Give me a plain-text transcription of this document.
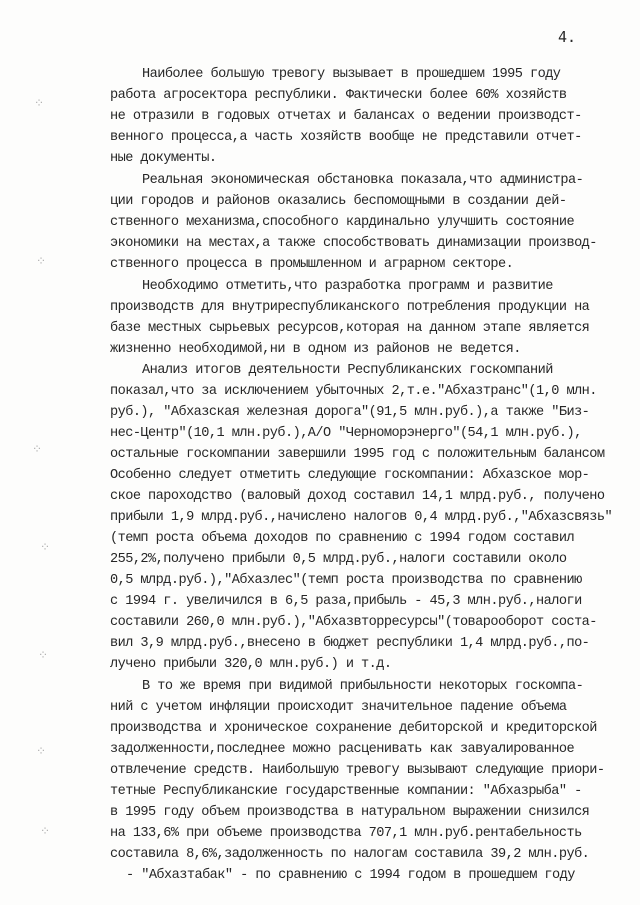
4.
⁘
⁘
⁘
⁘
⁘
⁘
⁘
Наиболее большую тревогу вызывает в прошедшем 1995 году
работа агросектора республики. Фактически более 60% хозяйств
не отразили в годовых отчетах и балансах о ведении производст-
венного процесса,а часть хозяйств вообще не представили отчет-
ные документы.
Реальная экономическая обстановка показала,что администра-
ции городов и районов оказались беспомощными в создании дей-
ственного механизма,способного кардинально улучшить состояние
экономики на местах,а также способствовать динамизации производ-
ственного процесса в промышленном и аграрном секторе.
Необходимо отметить,что разработка программ и развитие
производств для внутриреспубликанского потребления продукции на
базе местных сырьевых ресурсов,которая на данном этапе является
жизненно необходимой,ни в одном из районов не ведется.
Анализ итогов деятельности Республиканских госкомпаний
показал,что за исключением убыточных 2,т.е."Абхазтранс"(1,0 млн.
руб.), "Абхазская железная дорога"(91,5 млн.руб.),а также "Биз-
нес-Центр"(10,1 млн.руб.),А/О "Черноморэнерго"(54,1 млн.руб.),
остальные госкомпании завершили 1995 год с положительным балансом
Особенно следует отметить следующие госкомпании: Абхазское мор-
ское пароходство (валовый доход составил 14,1 млрд.руб., получено
прибыли 1,9 млрд.руб.,начислено налогов 0,4 млрд.руб.,"Абхазсвязь"
(темп роста объема доходов по сравнению с 1994 годом составил
255,2%,получено прибыли 0,5 млрд.руб.,налоги составили около
0,5 млрд.руб.),"Абхазлес"(темп роста производства по сравнению
с 1994 г. увеличился в 6,5 раза,прибыль - 45,3 млн.руб.,налоги
составили 260,0 млн.руб.),"Абхазвторресурсы"(товарооборот соста-
вил 3,9 млрд.руб.,внесено в бюджет республики 1,4 млрд.руб.,по-
лучено прибыли 320,0 млн.руб.) и т.д.
В то же время при видимой прибыльности некоторых госкомпа-
ний с учетом инфляции происходит значительное падение объема
производства и хроническое сохранение дебиторской и кредиторской
задолженности,последнее можно расценивать как завуалированное
отвлечение средств. Наибольшую тревогу вызывают следующие приори-
тетные Республиканские государственные компании: "Абхазрыба" -
в 1995 году объем производства в натуральном выражении снизился
на 133,6% при объеме производства 707,1 млн.руб.рентабельность
составила 8,6%,задолженность по налогам составила 39,2 млн.руб.
- "Абхазтабак" - по сравнению с 1994 годом в прошедшем году
